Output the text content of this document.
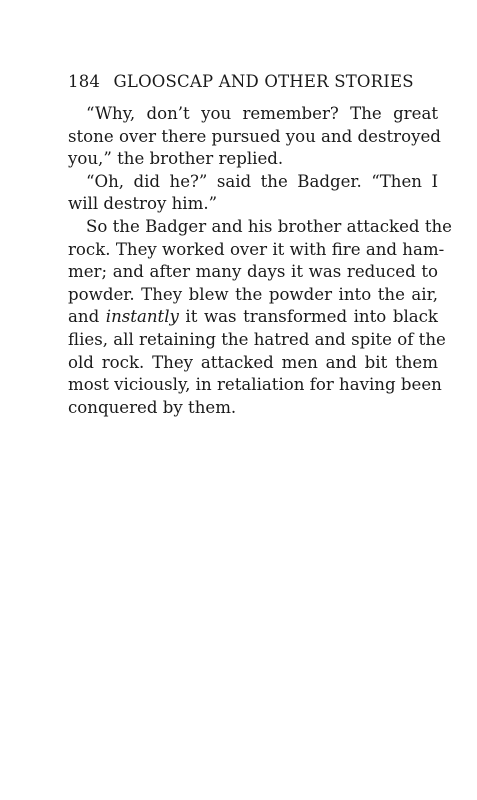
184 GLOOSCAP AND OTHER STORIES

“Why, don’t you remember? The great
stone over there pursued you and destroyed
you,” the brother replied.

“Oh, did he?” said the Badger. “Then I
will destroy him.”

So the Badger and his brother attacked the
rock. They worked over it with fire and ham-
mer; and after many days it was reduced to
powder. They blew the powder into the air,
and instantly it was transformed into black
flies, all retaining the hatred and spite of the
old rock. They attacked men and bit them
most viciously, in retaliation for having been
conquered by them.
